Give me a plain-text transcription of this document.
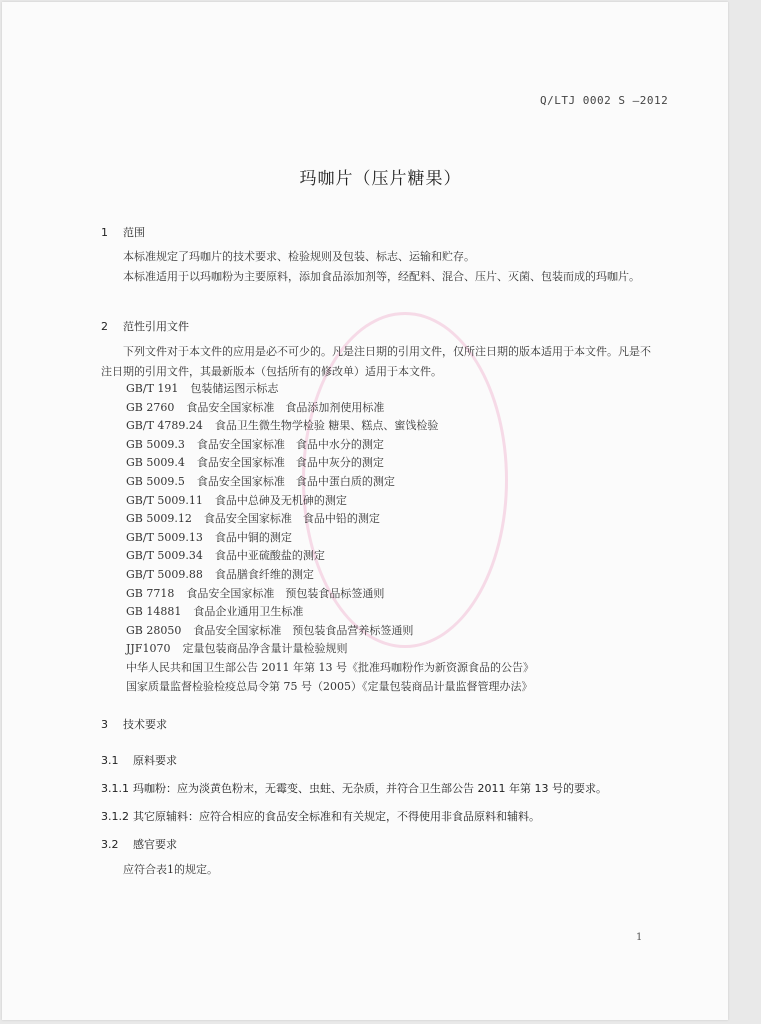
Q/LTJ 0002 S —2012
玛咖片（压片糖果）
1 范围
本标准规定了玛咖片的技术要求、检验规则及包装、标志、运输和贮存。
本标准适用于以玛咖粉为主要原料，添加食品添加剂等，经配料、混合、压片、灭菌、包装而成的玛咖片。
2 范性引用文件
下列文件对于本文件的应用是必不可少的。凡是注日期的引用文件，仅所注日期的版本适用于本文件。凡是不注日期的引用文件，其最新版本（包括所有的修改单）适用于本文件。
GB/T 191 包装储运图示标志
GB 2760 食品安全国家标准　食品添加剂使用标准
GB/T 4789.24 食品卫生微生物学检验 糖果、糕点、蜜饯检验
GB 5009.3 食品安全国家标准　食品中水分的测定
GB 5009.4 食品安全国家标准　食品中灰分的测定
GB 5009.5 食品安全国家标准　食品中蛋白质的测定
GB/T 5009.11 食品中总砷及无机砷的测定
GB 5009.12 食品安全国家标准　食品中铅的测定
GB/T 5009.13 食品中铜的测定
GB/T 5009.34 食品中亚硫酸盐的测定
GB/T 5009.88 食品膳食纤维的测定
GB 7718 食品安全国家标准　预包装食品标签通则
GB 14881 食品企业通用卫生标准
GB 28050 食品安全国家标准　预包装食品营养标签通则
JJF1070 定量包装商品净含量计量检验规则
中华人民共和国卫生部公告 2011 年第 13 号《批准玛咖粉作为新资源食品的公告》
国家质量监督检验检疫总局令第 75 号（2005）《定量包装商品计量监督管理办法》
3 技术要求
3.1 原料要求
3.1.1 玛咖粉：应为淡黄色粉末，无霉变、虫蛀、无杂质，并符合卫生部公告 2011 年第 13 号的要求。
3.1.2 其它原辅料：应符合相应的食品安全标准和有关规定，不得使用非食品原料和辅料。
3.2 感官要求
应符合表1的规定。
1
